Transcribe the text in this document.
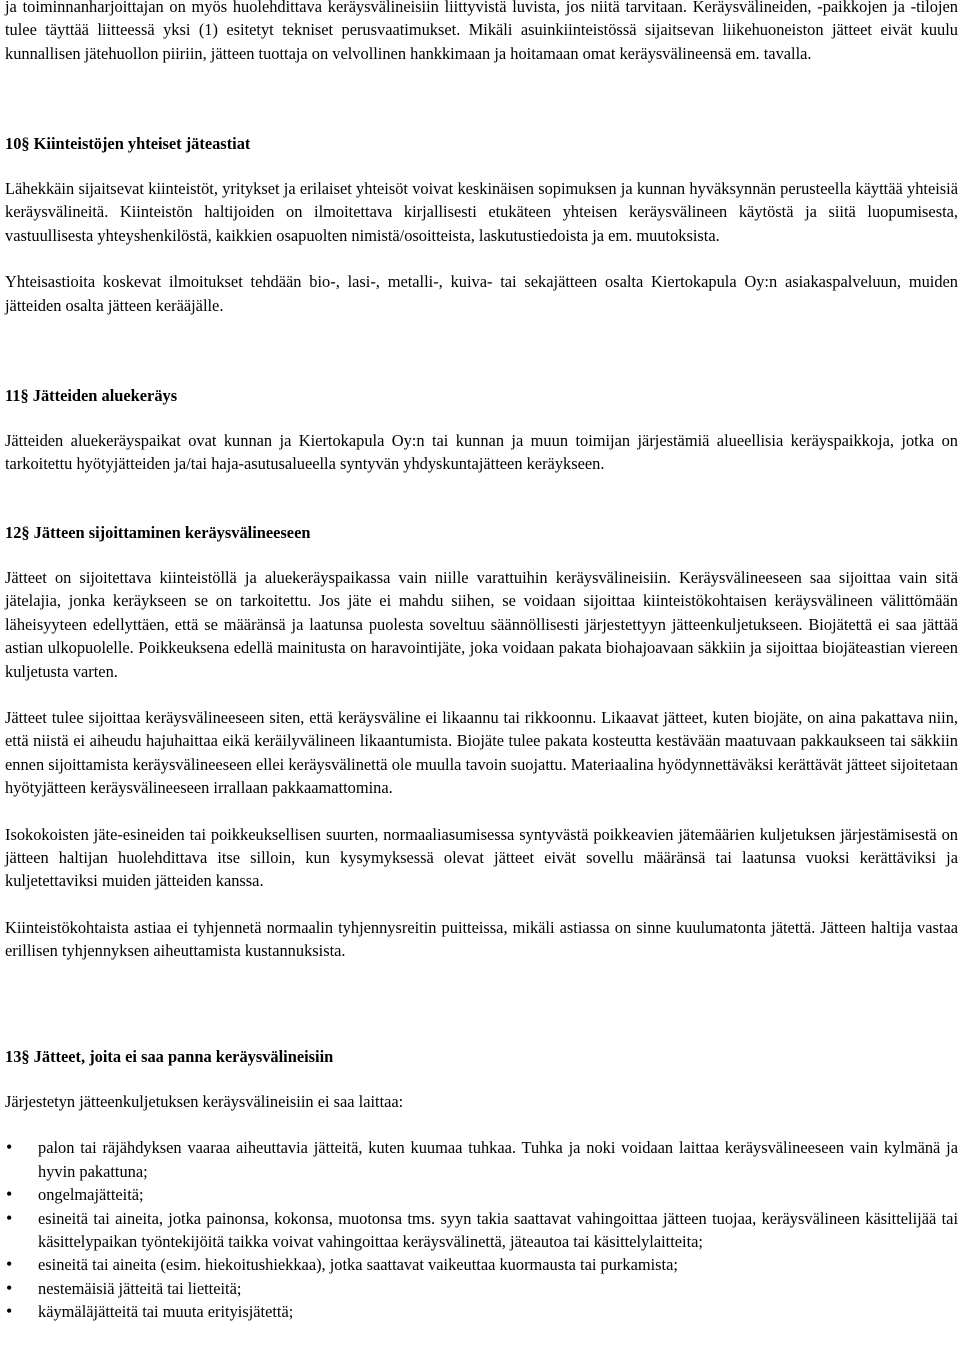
ja toiminnanharjoittajan on myös huolehdittava keräysvälineisiin liittyvistä luvista, jos niitä tarvitaan. Keräysvälineiden, -paikkojen ja -tilojen tulee täyttää liitteessä yksi (1) esitetyt tekniset perusvaatimukset. Mikäli asuinkiinteistössä sijaitsevan liikehuoneiston jätteet eivät kuulu kunnallisen jätehuollon piiriin, jätteen tuottaja on velvollinen hankkimaan ja hoitamaan omat keräysvälineensä em. tavalla.

10§ Kiinteistöjen yhteiset jäteastiat

Lähekkäin sijaitsevat kiinteistöt, yritykset ja erilaiset yhteisöt voivat keskinäisen sopimuksen ja kunnan hyväksynnän perusteella käyttää yhteisiä keräysvälineitä. Kiinteistön haltijoiden on ilmoitettava kirjallisesti etukäteen yhteisen keräysvälineen käytöstä ja siitä luopumisesta, vastuullisesta yhteyshenkilöstä, kaikkien osapuolten nimistä/osoitteista, laskutustiedoista ja em. muutoksista.

Yhteisastioita koskevat ilmoitukset tehdään bio-, lasi-, metalli-, kuiva- tai sekajätteen osalta Kiertokapula Oy:n asiakaspalveluun, muiden jätteiden osalta jätteen kerääjälle.

11§ Jätteiden aluekeräys

Jätteiden aluekeräyspaikat ovat kunnan ja Kiertokapula Oy:n tai kunnan ja muun toimijan järjestämiä alueellisia keräyspaikkoja, jotka on tarkoitettu hyötyjätteiden ja/tai haja-asutusalueella syntyvän yhdyskuntajätteen keräykseen.

12§ Jätteen sijoittaminen keräysvälineeseen

Jätteet on sijoitettava kiinteistöllä ja aluekeräyspaikassa vain niille varattuihin keräysvälineisiin. Keräysvälineeseen saa sijoittaa vain sitä jätelajia, jonka keräykseen se on tarkoitettu. Jos jäte ei mahdu siihen, se voidaan sijoittaa kiinteistökohtaisen keräysvälineen välittömään läheisyyteen edellyttäen, että se määränsä ja laatunsa puolesta soveltuu säännöllisesti järjestettyyn jätteenkuljetukseen. Biojätettä ei saa jättää astian ulkopuolelle. Poikkeuksena edellä mainitusta on haravointijäte, joka voidaan pakata biohajoavaan säkkiin ja sijoittaa biojäteastian viereen kuljetusta varten.

Jätteet tulee sijoittaa keräysvälineeseen siten, että keräysväline ei likaannu tai rikkoonnu. Likaavat jätteet, kuten biojäte, on aina pakattava niin, että niistä ei aiheudu hajuhaittaa eikä keräilyvälineen likaantumista. Biojäte tulee pakata kosteutta kestävään maatuvaan pakkaukseen tai säkkiin ennen sijoittamista keräysvälineeseen ellei keräysvälinettä ole muulla tavoin suojattu. Materiaalina hyödynnettäväksi kerättävät jätteet sijoitetaan hyötyjätteen keräysvälineeseen irrallaan pakkaamattomina.

Isokokoisten jäte-esineiden tai poikkeuksellisen suurten, normaaliasumisessa syntyvästä poikkeavien jätemäärien kuljetuksen järjestämisestä on jätteen haltijan huolehdittava itse silloin, kun kysymyksessä olevat jätteet eivät sovellu määränsä tai laatunsa vuoksi kerättäviksi ja kuljetettaviksi muiden jätteiden kanssa.

Kiinteistökohtaista astiaa ei tyhjennetä normaalin tyhjennysreitin puitteissa, mikäli astiassa on sinne kuulumatonta jätettä. Jätteen haltija vastaa erillisen tyhjennyksen aiheuttamista kustannuksista.

13§ Jätteet, joita ei saa panna keräysvälineisiin

Järjestetyn jätteenkuljetuksen keräysvälineisiin ei saa laittaa:

• palon tai räjähdyksen vaaraa aiheuttavia jätteitä, kuten kuumaa tuhkaa. Tuhka ja noki voidaan laittaa keräysvälineeseen vain kylmänä ja hyvin pakattuna;
• ongelmajätteitä;
• esineitä tai aineita, jotka painonsa, kokonsa, muotonsa tms. syyn takia saattavat vahingoittaa jätteen tuojaa, keräysvälineen käsittelijää tai käsittelypaikan työntekijöitä taikka voivat vahingoittaa keräysvälinettä, jäteautoa tai käsittelylaitteita;
• esineitä tai aineita (esim. hiekoitushiekkaa), jotka saattavat vaikeuttaa kuormausta tai purkamista;
• nestemäisiä jätteitä tai lietteitä;
• käymäläjätteitä tai muuta erityisjätettä;
